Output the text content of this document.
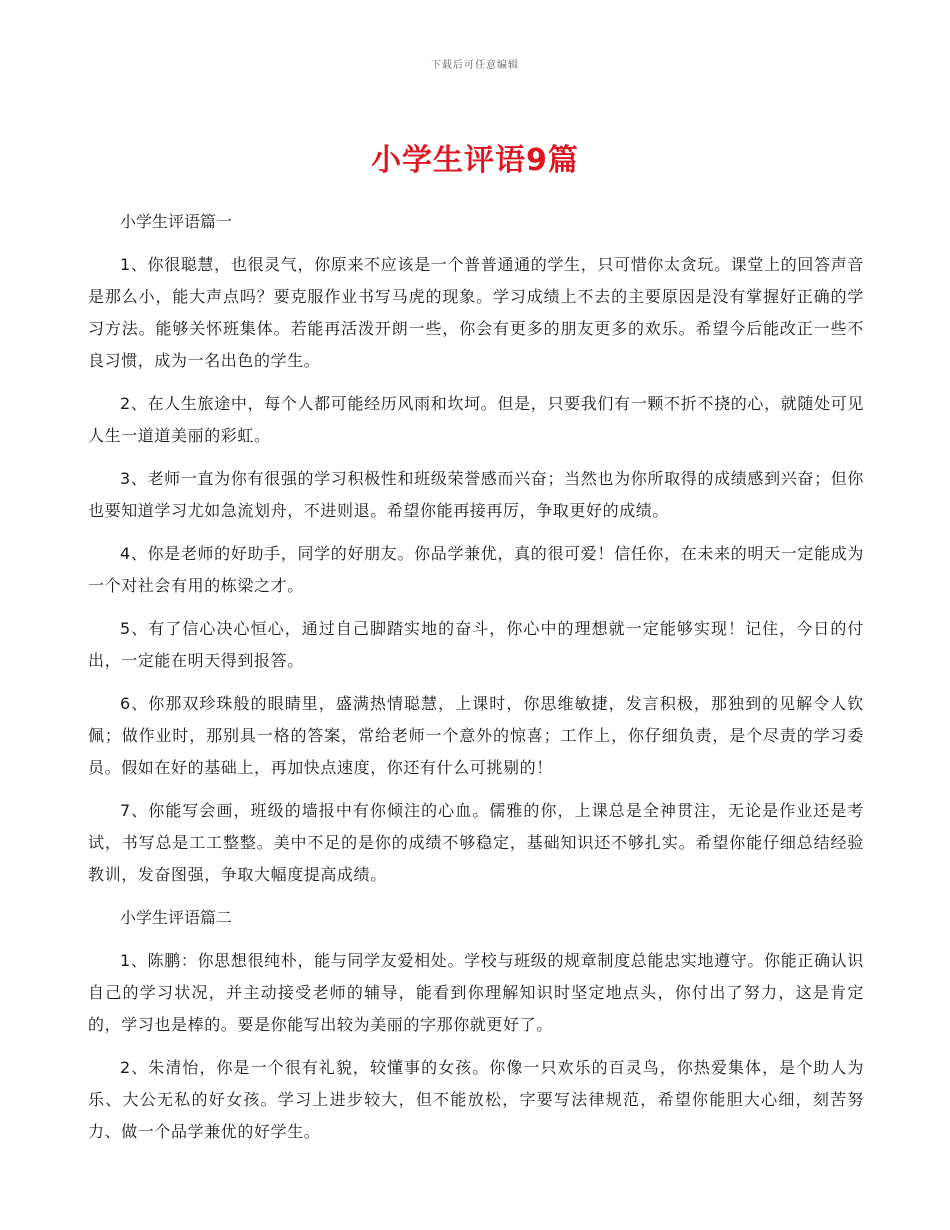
下载后可任意编辑
小学生评语9篇

小学生评语篇一

1、你很聪慧，也很灵气，你原来不应该是一个普普通通的学生，只可惜你太贪玩。课堂上的回答声音是那么小，能大声点吗？要克服作业书写马虎的现象。学习成绩上不去的主要原因是没有掌握好正确的学习方法。能够关怀班集体。若能再活泼开朗一些，你会有更多的朋友更多的欢乐。希望今后能改正一些不良习惯，成为一名出色的学生。

2、在人生旅途中，每个人都可能经历风雨和坎坷。但是，只要我们有一颗不折不挠的心，就随处可见人生一道道美丽的彩虹。

3、老师一直为你有很强的学习积极性和班级荣誉感而兴奋；当然也为你所取得的成绩感到兴奋；但你也要知道学习尤如急流划舟，不进则退。希望你能再接再厉，争取更好的成绩。

4、你是老师的好助手，同学的好朋友。你品学兼优，真的很可爱！信任你，在未来的明天一定能成为一个对社会有用的栋梁之才。

5、有了信心决心恒心，通过自己脚踏实地的奋斗，你心中的理想就一定能够实现！记住，今日的付出，一定能在明天得到报答。

6、你那双珍珠般的眼睛里，盛满热情聪慧，上课时，你思维敏捷，发言积极，那独到的见解令人钦佩；做作业时，那别具一格的答案，常给老师一个意外的惊喜；工作上，你仔细负责，是个尽责的学习委员。假如在好的基础上，再加快点速度，你还有什么可挑剔的！

7、你能写会画，班级的墙报中有你倾注的心血。儒雅的你，上课总是全神贯注，无论是作业还是考试，书写总是工工整整。美中不足的是你的成绩不够稳定，基础知识还不够扎实。希望你能仔细总结经验教训，发奋图强，争取大幅度提高成绩。

小学生评语篇二

1、陈鹏：你思想很纯朴，能与同学友爱相处。学校与班级的规章制度总能忠实地遵守。你能正确认识自己的学习状况，并主动接受老师的辅导，能看到你理解知识时坚定地点头，你付出了努力，这是肯定的，学习也是棒的。要是你能写出较为美丽的字那你就更好了。

2、朱清怡，你是一个很有礼貌，较懂事的女孩。你像一只欢乐的百灵鸟，你热爱集体，是个助人为乐、大公无私的好女孩。学习上进步较大，但不能放松，字要写法律规范，希望你能胆大心细，刻苦努力、做一个品学兼优的好学生。
